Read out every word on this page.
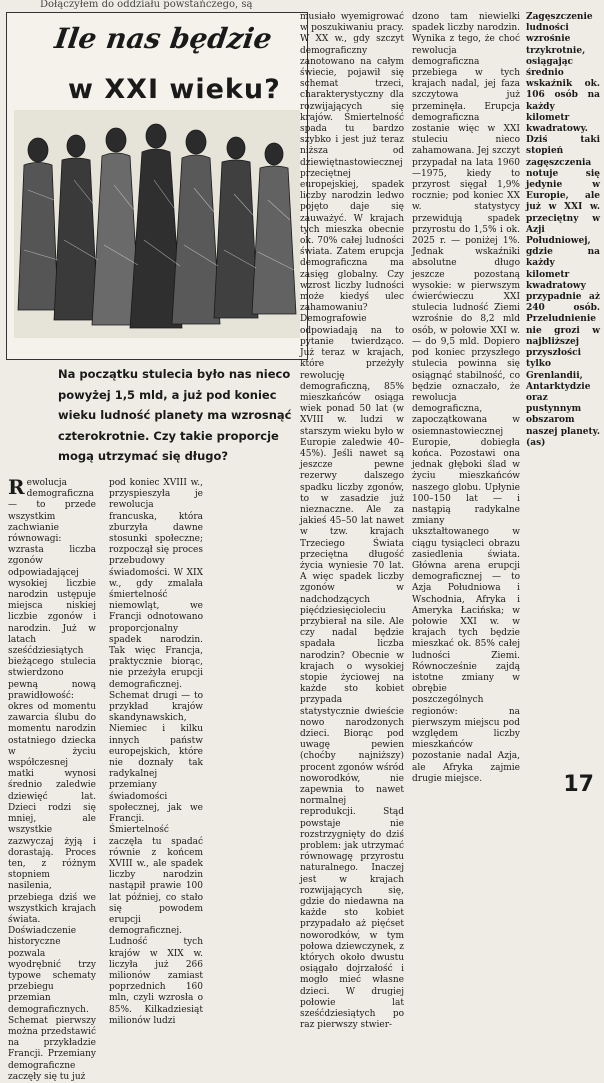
Dołączyłem do oddziału powstańczego, są
Ile nas będzie
w XXI wieku?
Na początku stulecia było nas nieco powyżej 1,5 mld, a już pod koniec wieku ludność planety ma wzrosnąć czterokrotnie. Czy takie proporcje mogą utrzymać się długo?
Rewolucja demograficzna — to przede wszystkim zachwianie równowagi: wzrasta liczba zgonów odpowiadającej wysokiej liczbie narodzin ustępuje miejsca niskiej liczbie zgonów i narodzin. Już w latach sześćdziesiątych bieżącego stulecia stwierdzono pewną nową prawidłowość: okres od momentu zawarcia ślubu do momentu narodzin ostatniego dziecka w życiu współczesnej matki wynosi średnio zaledwie dziewięć lat. Dzieci rodzi się mniej, ale wszystkie zazwyczaj żyją i dorastają. Proces ten, z różnym stopniem nasilenia, przebiega dziś we wszystkich krajach świata. Doświadczenie historyczne pozwala wyodrębnić trzy typowe schematy przebiegu przemian demograficznych. Schemat pierwszy można przedstawić na przykładzie Francji. Przemiany demograficzne zaczęły się tu już
pod koniec XVIII w., przyspieszyła je rewolucja francuska, która zburzyła dawne stosunki społeczne; rozpoczął się proces przebudowy świadomości. W XIX w., gdy zmalała śmiertelność niemowląt, we Francji odnotowano proporcjonalny spadek narodzin. Tak więc Francja, praktycznie biorąc, nie przeżyła erupcji demograficznej. Schemat drugi — to przykład krajów skandynawskich, Niemiec i kilku innych państw europejskich, które nie doznały tak radykalnej przemiany świadomości społecznej, jak we Francji. Śmiertelność zaczęła tu spadać równie z końcem XVIII w., ale spadek liczby narodzin nastąpił prawie 100 lat później, co stało się powodem erupcji demograficznej. Ludność tych krajów w XIX w. liczyła już 266 milionów zamiast poprzednich 160 mln, czyli wzrosła o 85%. Kilkadziesiąt milionów ludzi
musiało wyemigrować w poszukiwaniu pracy. W XX w., gdy szczyt demograficzny zanotowano na całym świecie, pojawił się schemat trzeci, charakterystyczny dla rozwijających się krajów. Śmiertelność spada tu bardzo szybko i jest już teraz niższa od dziewiętnastowiecznej przeciętnej europejskiej, spadek liczby narodzin ledwo pojęto daje się zauważyć. W krajach tych mieszka obecnie ok. 70% całej ludności świata. Zatem erupcja demograficzna ma zasięg globalny. Czy wzrost liczby ludności może kiedyś ulec zahamowaniu? Demografowie odpowiadają na to pytanie twierdząco. Już teraz w krajach, które przeżyły rewolucję demograficzną, 85% mieszkańców osiąga wiek ponad 50 lat (w XVIII w. ludzi w starszym wieku było w Europie zaledwie 40–45%). Jeśli nawet są jeszcze pewne rezerwy dalszego spadku liczby zgonów, to w zasadzie już nieznaczne. Ale za jakieś 45–50 lat nawet w tzw. krajach Trzeciego Świata przeciętna długość życia wyniesie 70 lat. A więc spadek liczby zgonów w nadchodzących pięćdziesięcioleciu przybierał na sile. Ale czy nadal będzie spadała liczba narodzin? Obecnie w krajach o wysokiej stopie życiowej na każde sto kobiet przypada statystycznie dwieście nowo narodzonych dzieci. Biorąc pod uwagę pewien (choćby najniższy) procent zgonów wśród noworodków, nie zapewnia to nawet normalnej reprodukcji. Stąd powstaje nie rozstrzygnięty do dziś problem: jak utrzymać równowagę przyrostu naturalnego. Inaczej jest w krajach rozwijających się, gdzie do niedawna na każde sto kobiet przypadało aż pięćset noworodków, w tym połowa dziewczynek, z których około dwustu osiągało dojrzałość i mogło mieć własne dzieci. W drugiej połowie lat sześćdziesiątych po raz pierwszy stwier-
dzono tam niewielki spadek liczby narodzin. Wynika z tego, że choć rewolucja demograficzna przebiega w tych krajach nadal, jej faza szczytowa już przeminęła. Erupcja demograficzna zostanie więc w XXI stuleciu nieco zahamowana. Jej szczyt przypadał na lata 1960—1975, kiedy to przyrost sięgał 1,9% rocznie; pod koniec XX w. statystycy przewidują spadek przyrostu do 1,5% i ok. 2025 r. — poniżej 1%. Jednak wskaźniki absolutne długo jeszcze pozostaną wysokie: w pierwszym ćwierćwieczu XXI stulecia ludność Ziemi wzrośnie do 8,2 mld osób, w połowie XXI w. — do 9,5 mld. Dopiero pod koniec przyszłego stulecia powinna się osiągnąć stabilność, co będzie oznaczało, że rewolucja demograficzna, zapoczątkowana w osiemnastowiecznej Europie, dobiegła końca. Pozostawi ona jednak głęboki ślad w życiu mieszkańców naszego globu. Upłynie 100–150 lat — i nastąpią radykalne zmiany ukształtowanego w ciągu tysiącleci obrazu zasiedlenia świata. Główna arena erupcji demograficznej — to Azja Południowa i Wschodnia, Afryka i Ameryka Łacińska; w połowie XXI w. w krajach tych będzie mieszkać ok. 85% całej ludności Ziemi. Równocześnie zajdą istotne zmiany w obrębie poszczególnych regionów: na pierwszym miejscu pod względem liczby mieszkańców pozostanie nadal Azja, ale Afryka zajmie drugie miejsce.
Zagęszczenie ludności wzrośnie trzykrotnie, osiągając średnio wskaźnik ok. 106 osób na każdy kilometr kwadratowy. Dziś taki stopień zagęszczenia notuje się jedynie w Europie, ale już w XXI w. przeciętny w Azji Południowej, gdzie na każdy kilometr kwadratowy przypadnie aż 240 osób. Przeludnienie nie grozi w najbliższej przyszłości tylko Grenlandii, Antarktydzie oraz pustynnym obszarom naszej planety. (as)
17
